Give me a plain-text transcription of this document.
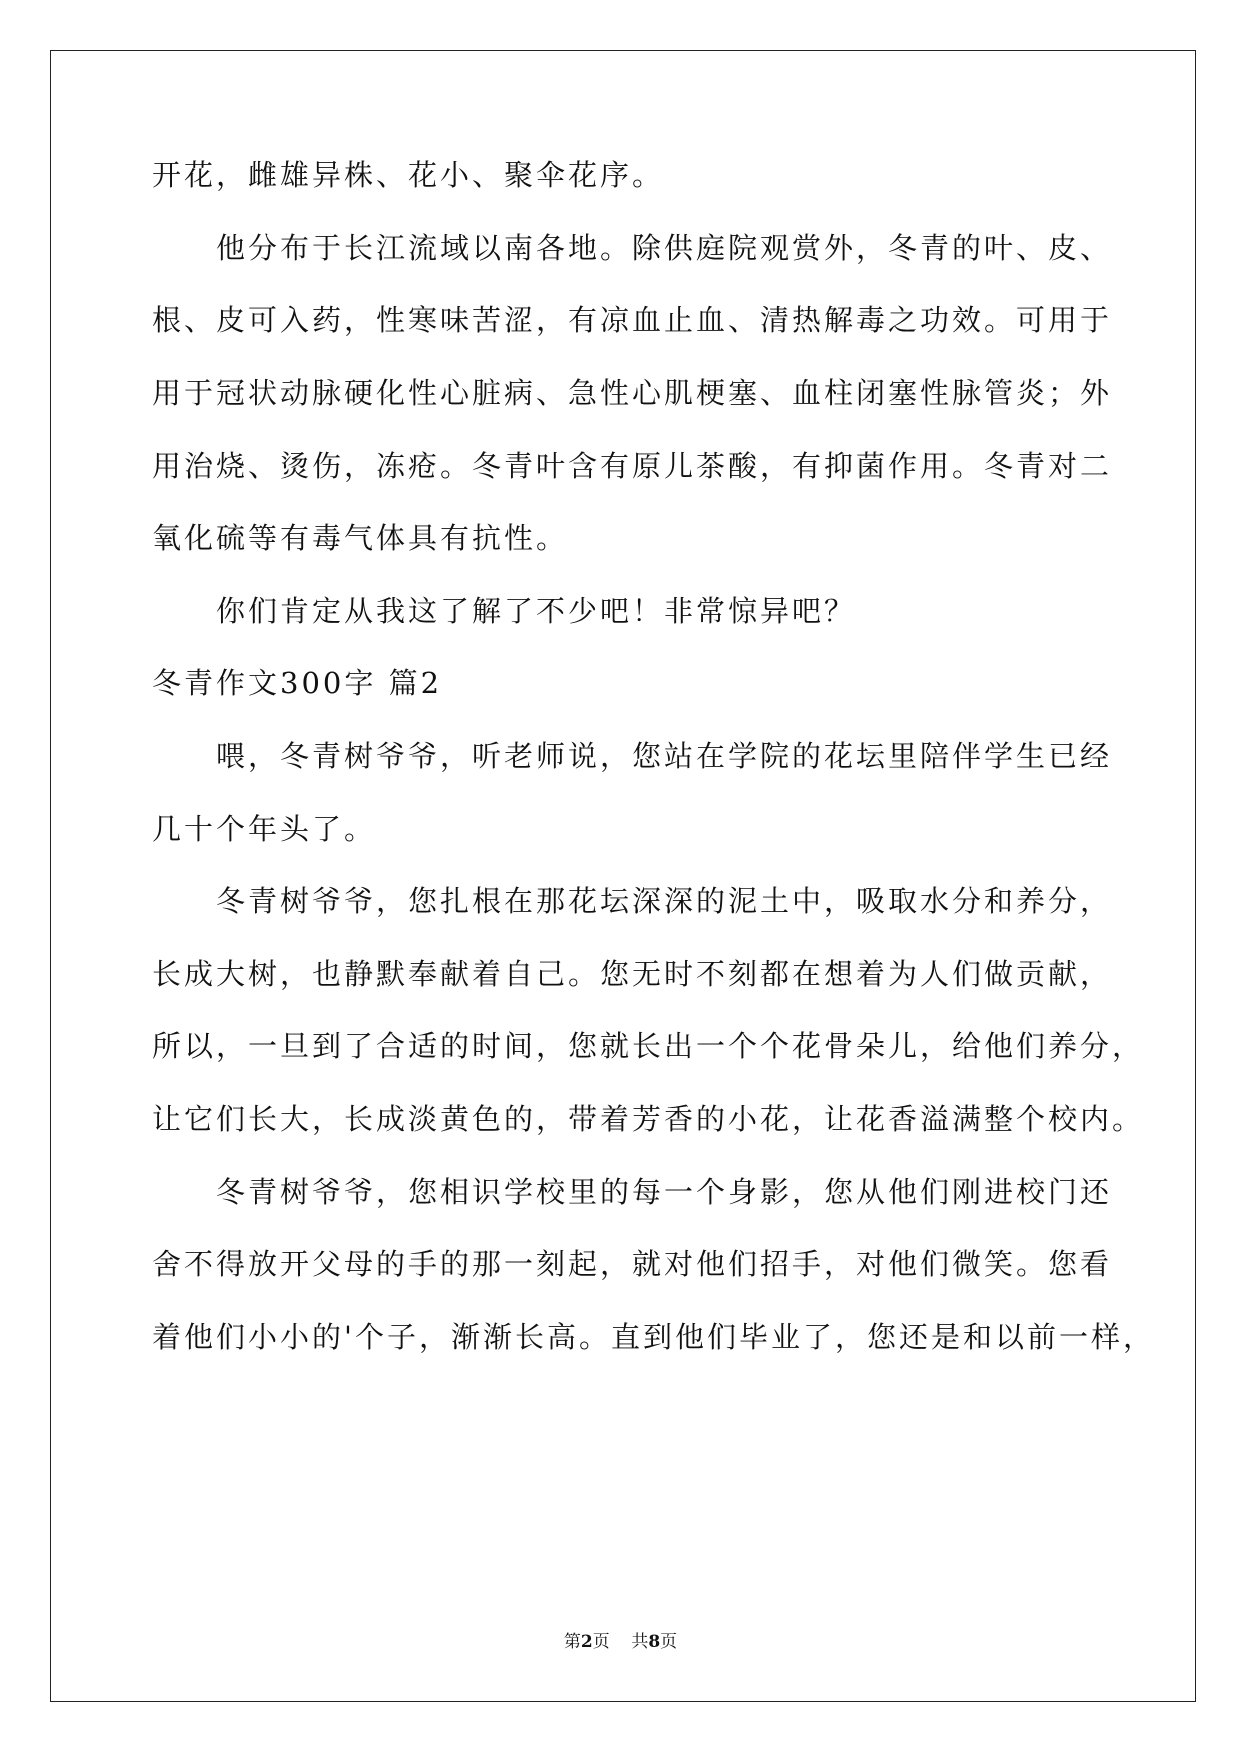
开花，雌雄异株、花小、聚伞花序。
他分布于长江流域以南各地。除供庭院观赏外，冬青的叶、皮、
根、皮可入药，性寒味苦涩，有凉血止血、清热解毒之功效。可用于
用于冠状动脉硬化性心脏病、急性心肌梗塞、血柱闭塞性脉管炎；外
用治烧、烫伤，冻疮。冬青叶含有原儿茶酸，有抑菌作用。冬青对二
氧化硫等有毒气体具有抗性。
你们肯定从我这了解了不少吧！非常惊异吧？
冬青作文300字 篇2
喂，冬青树爷爷，听老师说，您站在学院的花坛里陪伴学生已经
几十个年头了。
冬青树爷爷，您扎根在那花坛深深的泥土中，吸取水分和养分，
长成大树，也静默奉献着自己。您无时不刻都在想着为人们做贡献，
所以，一旦到了合适的时间，您就长出一个个花骨朵儿，给他们养分，
让它们长大，长成淡黄色的，带着芳香的小花，让花香溢满整个校内。
冬青树爷爷，您相识学校里的每一个身影，您从他们刚进校门还
舍不得放开父母的手的那一刻起，就对他们招手，对他们微笑。您看
着他们小小的'个子，渐渐长高。直到他们毕业了，您还是和以前一样，
第2页 共8页
